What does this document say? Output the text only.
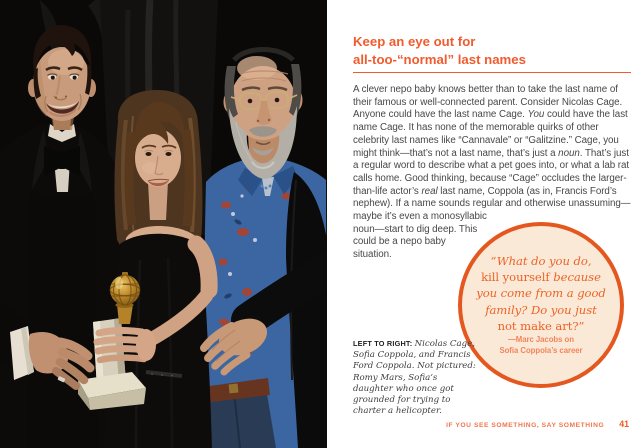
Keep an eye out for
all-too-“normal” last names
“What do you do,
kill yourself because
you come from a good
family? Do you just
not make art?”
—Marc Jacobs on
Sofia Coppola’s career
A clever nepo baby knows better than to take the last name of their famous or well-connected parent. Consider Nicolas Cage. Anyone could have the last name Cage. You could have the last name Cage. It has none of the memorable quirks of other celebrity last names like “Cannavale” or “Galitzine.” Cage, you might think—that’s not a last name, that’s just a noun. That’s just a regular word to describe what a pet goes into, or what a lab rat calls home. Good thinking, because “Cage” occludes the larger-than-life actor’s real last name, Coppola (as in, Francis Ford’s nephew). If a name sounds regular and otherwise unassuming—maybe it’s even a monosyllabic noun—start to dig deep. This could be a nepo baby situation.
LEFT TO RIGHT: Nicolas Cage, Sofia Coppola, and Francis Ford Coppola. Not pictured: Romy Mars, Sofia’s daughter who once got grounded for trying to charter a helicopter.
IF YOU SEE SOMETHING, SAY SOMETHING 41
